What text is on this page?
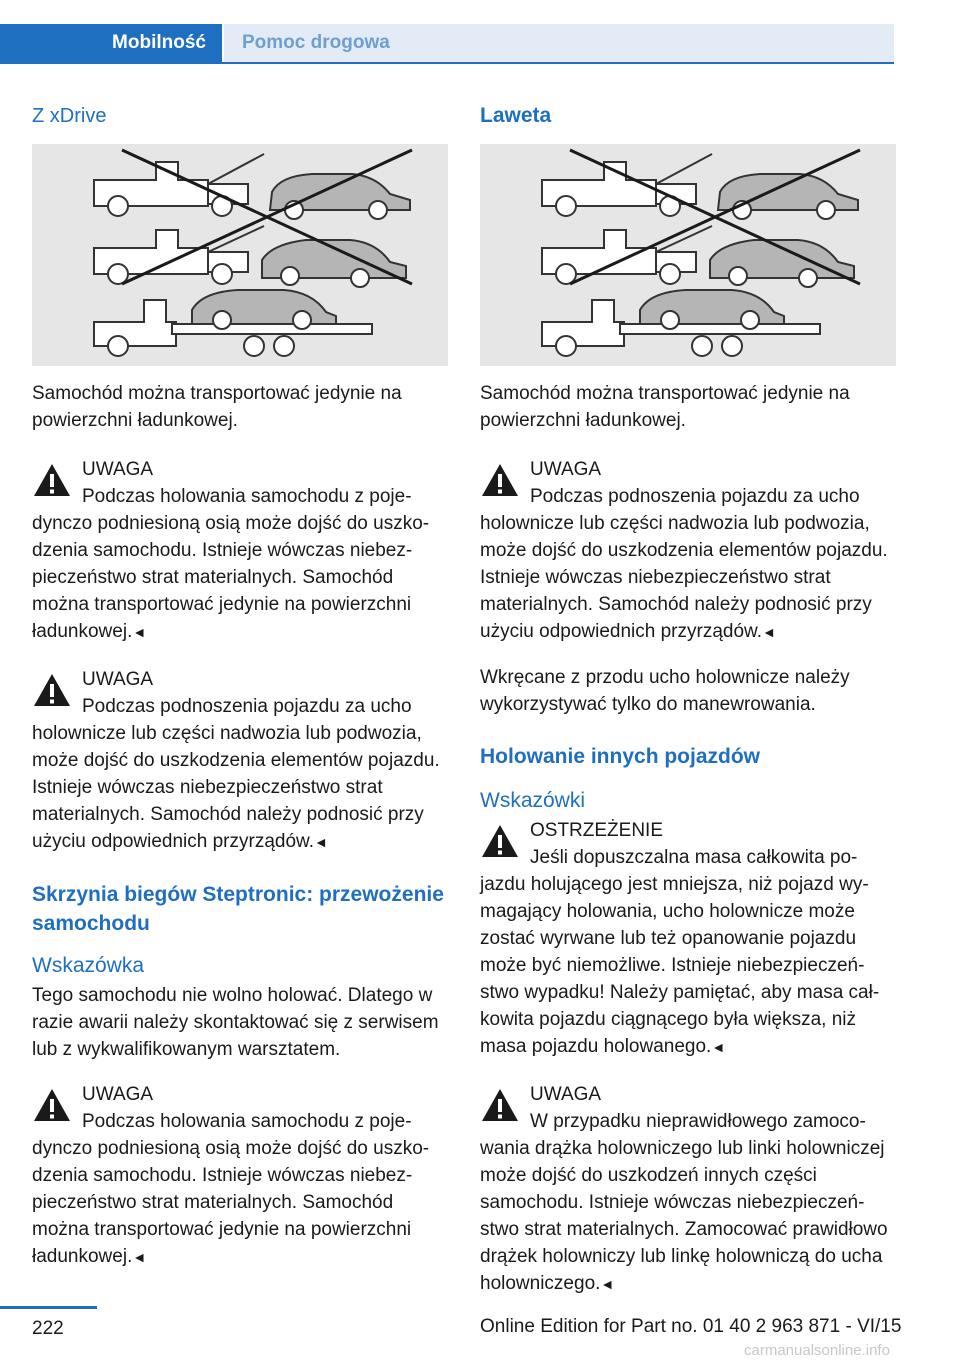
Mobilność	Pomoc drogowa
Z xDrive

Samochód można transportować jedynie na powierzchni ładunkowej.

UWAGA
Podczas holowania samochodu z poje-
dynczo podniesioną osią może dojść do uszkodzenia samochodu. Istnieje wówczas niebezpieczeństwo strat materialnych. Samochód można transportować jedynie na powierzchni ładunkowej.◄
UWAGA
Podczas podnoszenia pojazdu za ucho
holownicze lub części nadwozia lub podwozia, może dojść do uszkodzenia elementów pojazdu. Istnieje wówczas niebezpieczeństwo strat materialnych. Samochód należy podnosić przy użyciu odpowiednich przyrządów.◄
Skrzynia biegów Steptronic: przewożenie samochodu
Wskazówka

Tego samochodu nie wolno holować. Dlatego w razie awarii należy skontaktować się z serwisem lub z wykwalifikowanym warsztatem.

UWAGA
Podczas holowania samochodu z poje-
dynczo podniesioną osią może dojść do uszkodzenia samochodu. Istnieje wówczas niebezpieczeństwo strat materialnych. Samochód można transportować jedynie na powierzchni ładunkowej.◄
Laweta

Samochód można transportować jedynie na powierzchni ładunkowej.

UWAGA
Podczas podnoszenia pojazdu za ucho
holownicze lub części nadwozia lub podwozia, może dojść do uszkodzenia elementów pojazdu. Istnieje wówczas niebezpieczeństwo strat materialnych. Samochód należy podnosić przy użyciu odpowiednich przyrządów.◄

Wkręcane z przodu ucho holownicze należy wykorzystywać tylko do manewrowania.

Holowanie innych pojazdów
Wskazówki
OSTRZEŻENIE
Jeśli dopuszczalna masa całkowita po-
jazdu holującego jest mniejsza, niż pojazd wymagający holowania, ucho holownicze może zostać wyrwane lub też opanowanie pojazdu może być niemożliwe. Istnieje niebezpieczeństwo wypadku! Należy pamiętać, aby masa całkowita pojazdu ciągnącego była większa, niż masa pojazdu holowanego.◄
UWAGA
W przypadku nieprawidłowego zamoco-
wania drążka holowniczego lub linki holowniczej może dojść do uszkodzeń innych części samochodu. Istnieje wówczas niebezpieczeństwo strat materialnych. Zamocować prawidłowo drążek holowniczy lub linkę holowniczą do ucha holowniczego.◄
222	Online Edition for Part no. 01 40 2 963 871 - VI/15
carmanualsonline.info
